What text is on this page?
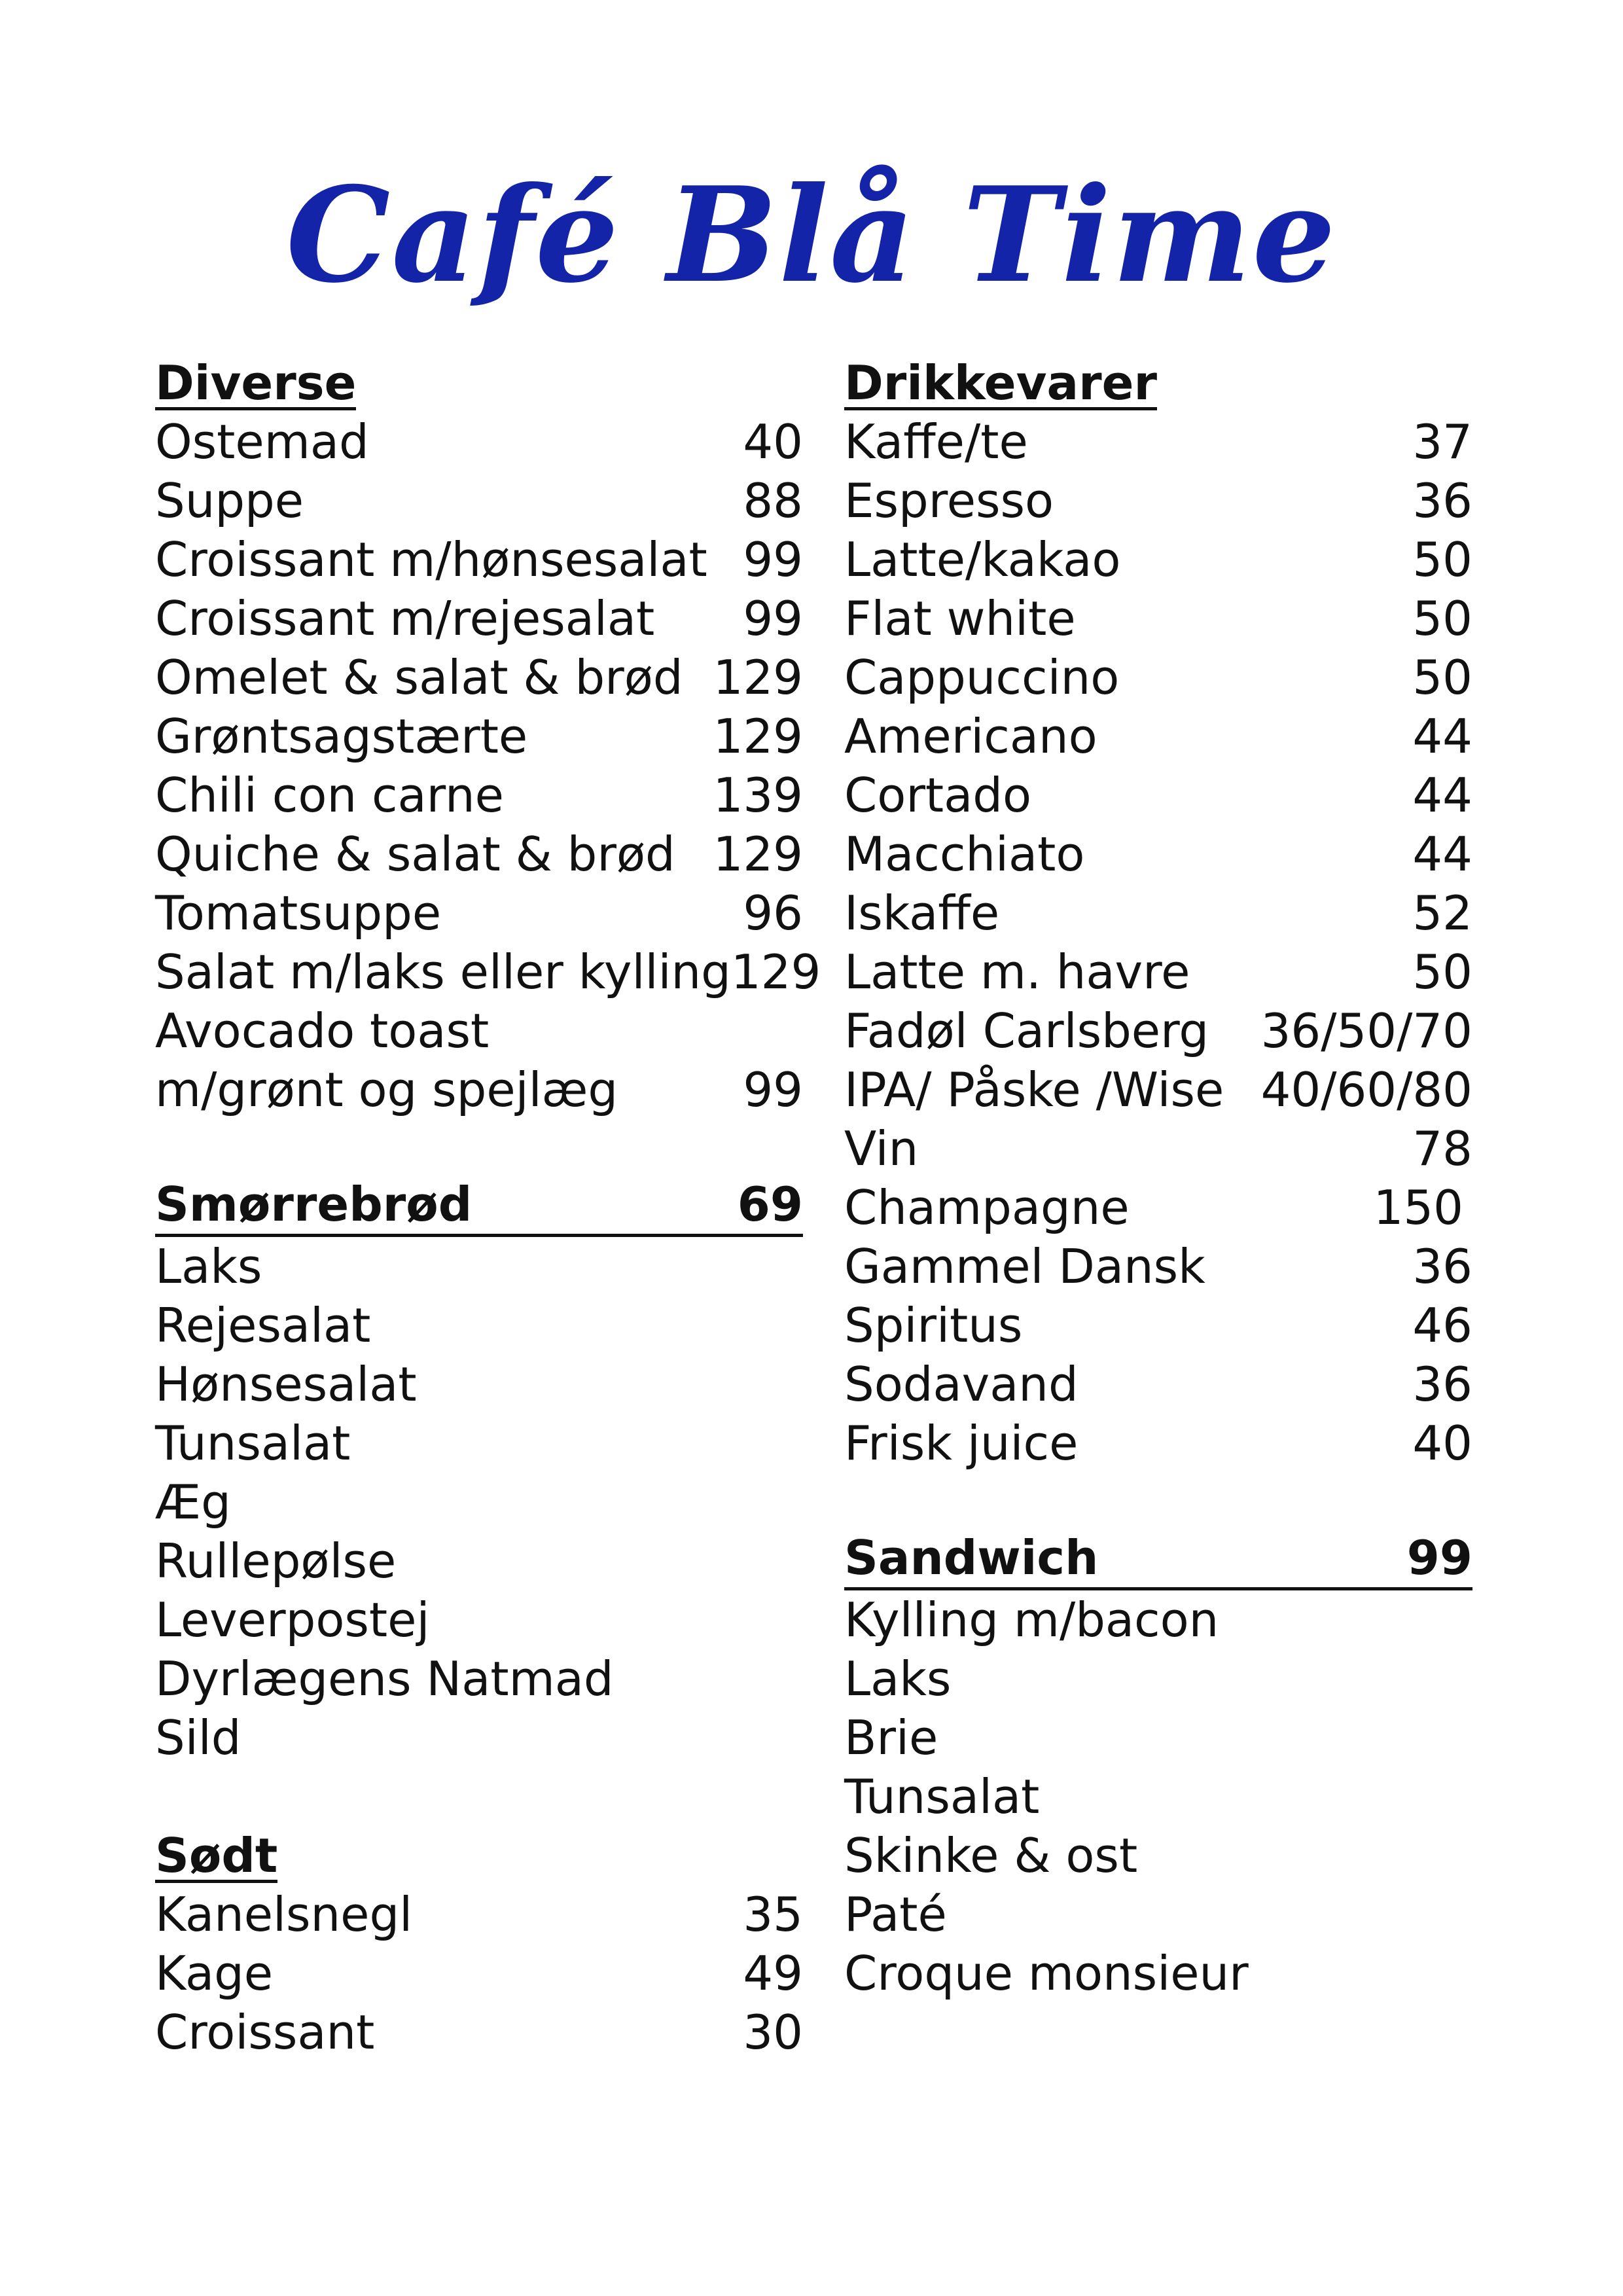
Café Blå Time
Diverse
Ostemad	40
Suppe	88
Croissant m/hønsesalat 99
Croissant m/rejesalat 99
Omelet & salat & brød 129
Grøntsagstærte	129
Chili con carne	139
Quiche & salat & brød 129
Tomatsuppe	96
Salat m/laks eller kylling 129
Avocado toast
m/grønt og spejlæg	99
Smørrebrød	69
Laks
Rejesalat
Hønsesalat
Tunsalat
Æg
Rullepølse
Leverpostej
Dyrlægens Natmad
Sild
Sødt
Kanelsnegl	35
Kage	49
Croissant	30
Drikkevarer
Kaffe/te	37
Espresso	36
Latte/kakao	50
Flat white	50
Cappuccino	50
Americano	44
Cortado	44
Macchiato	44
Iskaffe	52
Latte m. havre	50
Fadøl Carlsberg 36/50/70
IPA/ Påske /Wise 40/60/80
Vin	78
Champagne	150
Gammel Dansk	36
Spiritus	46
Sodavand	36
Frisk juice	40
Sandwich	99
Kylling m/bacon
Laks
Brie
Tunsalat
Skinke & ost
Paté
Croque monsieur
